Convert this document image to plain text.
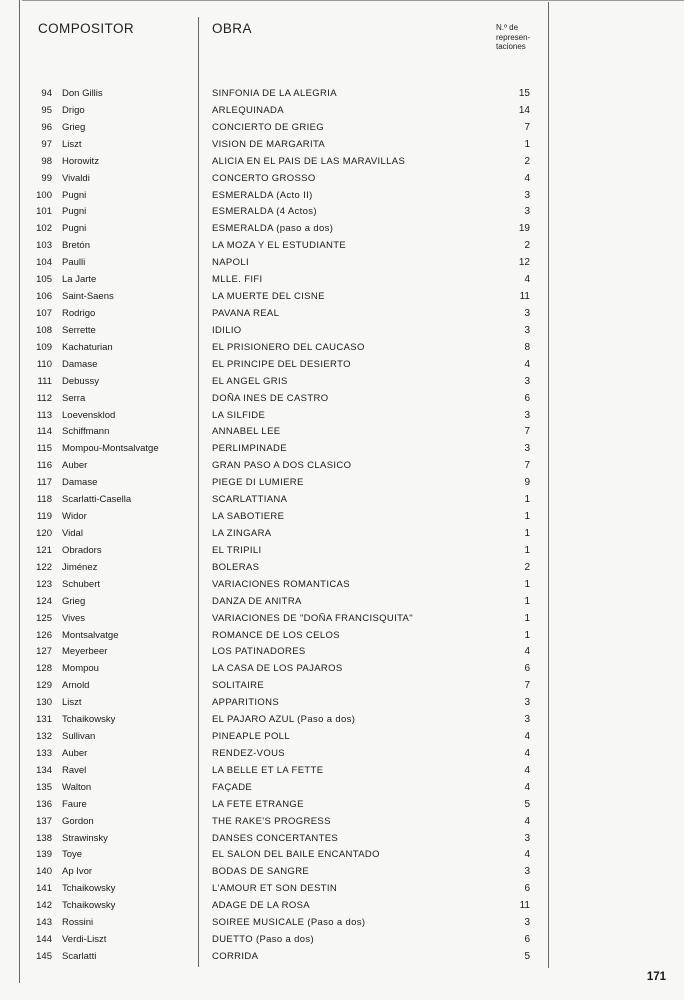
COMPOSITOR	OBRA	N.º de
represen-
taciones
94 Don Gillis	SINFONIA DE LA ALEGRIA	15
95 Drigo	ARLEQUINADA	14
96 Grieg	CONCIERTO DE GRIEG	7
97 Liszt	VISION DE MARGARITA	1
98 Horowitz	ALICIA EN EL PAIS DE LAS MARAVILLAS	2
99 Vivaldi	CONCERTO GROSSO	4
100 Pugni	ESMERALDA (Acto II)	3
101 Pugni	ESMERALDA (4 Actos)	3
102 Pugni	ESMERALDA (paso a dos)	19
103 Bretón	LA MOZA Y EL ESTUDIANTE	2
104 Paulli	NAPOLI	12
105 La Jarte	MLLE. FIFI	4
106 Saint-Saens	LA MUERTE DEL CISNE	11
107 Rodrigo	PAVANA REAL	3
108 Serrette	IDILIO	3
109 Kachaturian	EL PRISIONERO DEL CAUCASO	8
110 Damase	EL PRINCIPE DEL DESIERTO	4
111 Debussy	EL ANGEL GRIS	3
112 Serra	DOÑA INES DE CASTRO	6
113 Loevensklod	LA SILFIDE	3
114 Schiffmann	ANNABEL LEE	7
115 Mompou-Montsalvatge	PERLIMPINADE	3
116 Auber	GRAN PASO A DOS CLASICO	7
117 Damase	PIEGE DI LUMIERE	9
118 Scarlatti-Casella	SCARLATTIANA	1
119 Widor	LA SABOTIERE	1
120 Vidal	LA ZINGARA	1
121 Obradors	EL TRIPILI	1
122 Jiménez	BOLERAS	2
123 Schubert	VARIACIONES ROMANTICAS	1
124 Grieg	DANZA DE ANITRA	1
125 Vives	VARIACIONES DE "DOÑA FRANCISQUITA"	1
126 Montsalvatge	ROMANCE DE LOS CELOS	1
127 Meyerbeer	LOS PATINADORES	4
128 Mompou	LA CASA DE LOS PAJAROS	6
129 Arnold	SOLITAIRE	7
130 Liszt	APPARITIONS	3
131 Tchaikowsky	EL PAJARO AZUL (Paso a dos)	3
132 Sullivan	PINEAPLE POLL	4
133 Auber	RENDEZ-VOUS	4
134 Ravel	LA BELLE ET LA FETTE	4
135 Walton	FAÇADE	4
136 Faure	LA FETE ETRANGE	5
137 Gordon	THE RAKE'S PROGRESS	4
138 Strawinsky	DANSES CONCERTANTES	3
139 Toye	EL SALON DEL BAILE ENCANTADO	4
140 Ap Ivor	BODAS DE SANGRE	3
141 Tchaikowsky	L'AMOUR ET SON DESTIN	6
142 Tchaikowsky	ADAGE DE LA ROSA	11
143 Rossini	SOIREE MUSICALE (Paso a dos)	3
144 Verdi-Liszt	DUETTO (Paso a dos)	6
145 Scarlatti	CORRIDA	5
171
